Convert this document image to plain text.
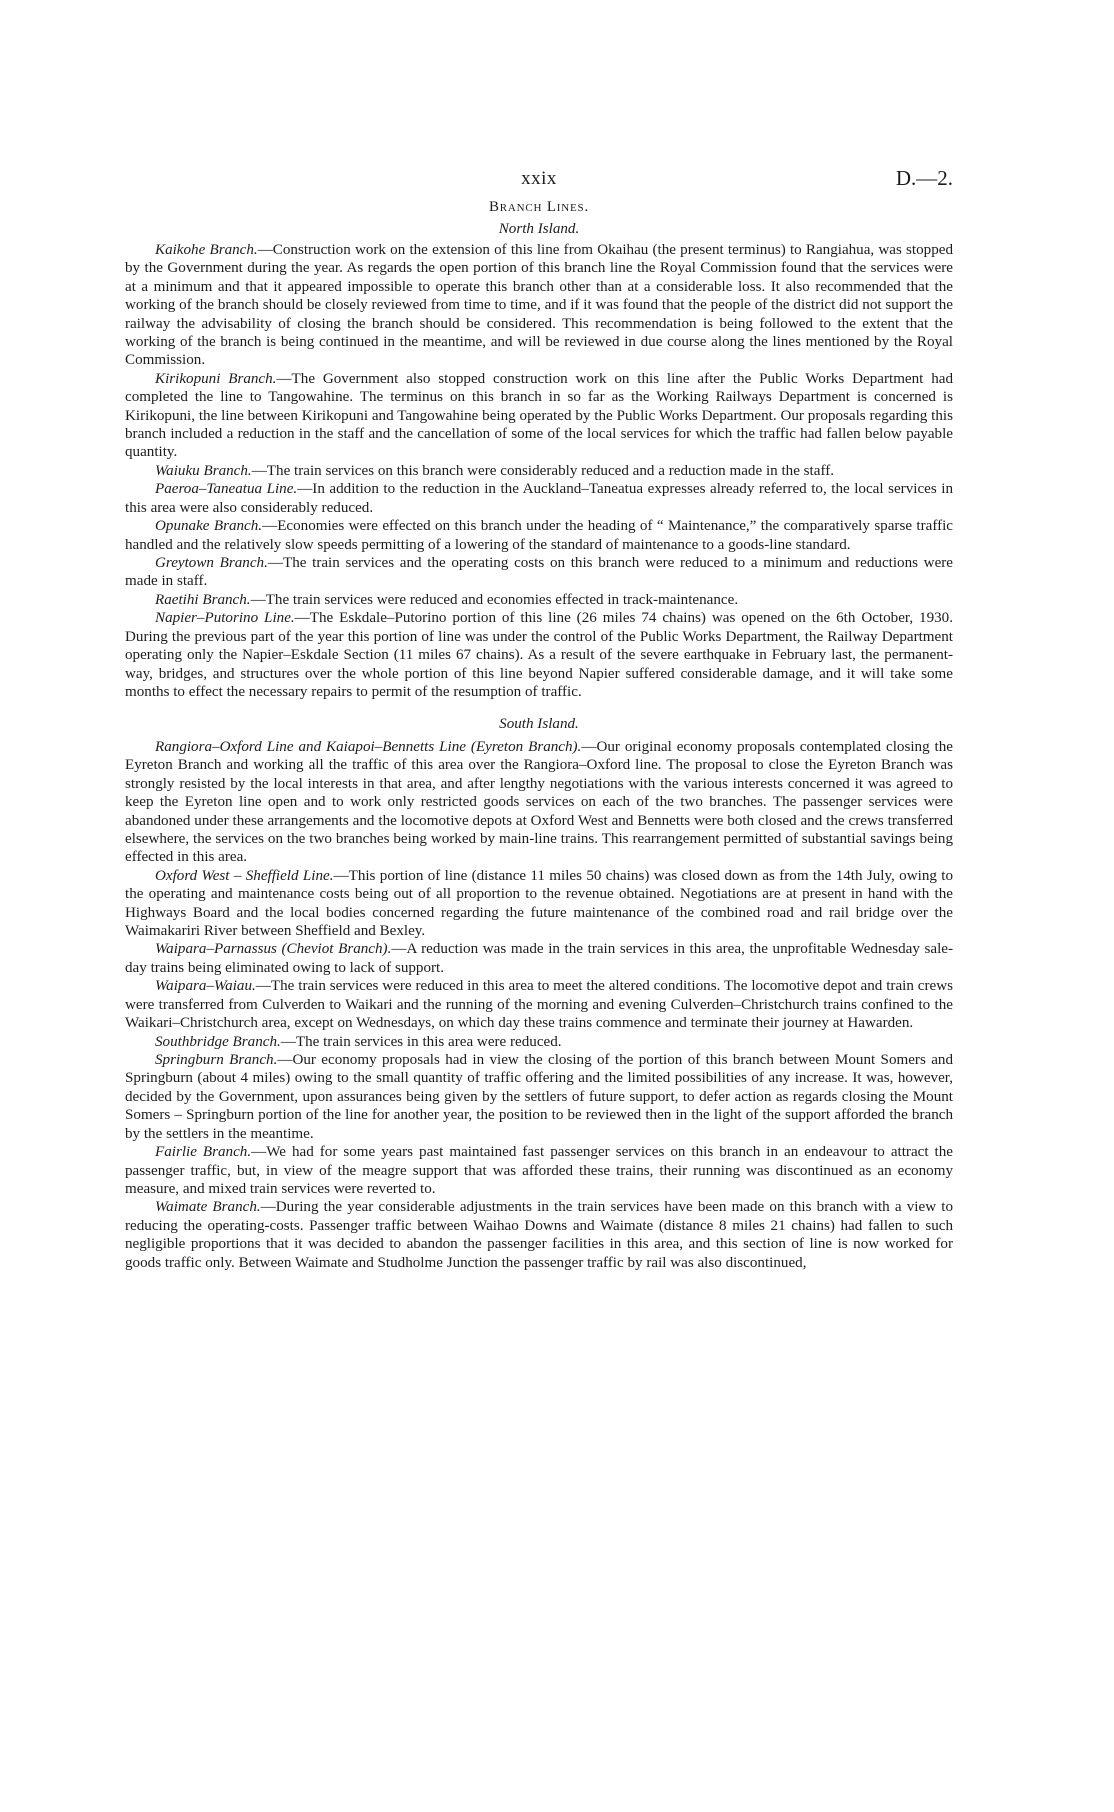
xxix	D.—2.
Branch Lines.
North Island.

Kaikohe Branch.—Construction work on the extension of this line from Okaihau (the present terminus) to Rangiahua, was stopped by the Government during the year. As regards the open portion of this branch line the Royal Commission found that the services were at a minimum and that it appeared impossible to operate this branch other than at a considerable loss. It also recommended that the working of the branch should be closely reviewed from time to time, and if it was found that the people of the district did not support the railway the advisability of closing the branch should be considered. This recommendation is being followed to the extent that the working of the branch is being continued in the meantime, and will be reviewed in due course along the lines mentioned by the Royal Commission.

Kirikopuni Branch.—The Government also stopped construction work on this line after the Public Works Department had completed the line to Tangowahine. The terminus on this branch in so far as the Working Railways Department is concerned is Kirikopuni, the line between Kirikopuni and Tangowahine being operated by the Public Works Department. Our proposals regarding this branch included a reduction in the staff and the cancellation of some of the local services for which the traffic had fallen below payable quantity.

Waiuku Branch.—The train services on this branch were considerably reduced and a reduction made in the staff.

Paeroa–Taneatua Line.—In addition to the reduction in the Auckland–Taneatua expresses already referred to, the local services in this area were also considerably reduced.

Opunake Branch.—Economies were effected on this branch under the heading of “ Maintenance,” the comparatively sparse traffic handled and the relatively slow speeds permitting of a lowering of the standard of maintenance to a goods-line standard.

Greytown Branch.—The train services and the operating costs on this branch were reduced to a minimum and reductions were made in staff.

Raetihi Branch.—The train services were reduced and economies effected in track-maintenance.

Napier–Putorino Line.—The Eskdale–Putorino portion of this line (26 miles 74 chains) was opened on the 6th October, 1930. During the previous part of the year this portion of line was under the control of the Public Works Department, the Railway Department operating only the Napier–Eskdale Section (11 miles 67 chains). As a result of the severe earthquake in February last, the permanent-way, bridges, and structures over the whole portion of this line beyond Napier suffered considerable damage, and it will take some months to effect the necessary repairs to permit of the resumption of traffic.

South Island.

Rangiora–Oxford Line and Kaiapoi–Bennetts Line (Eyreton Branch).—Our original economy proposals contemplated closing the Eyreton Branch and working all the traffic of this area over the Rangiora–Oxford line. The proposal to close the Eyreton Branch was strongly resisted by the local interests in that area, and after lengthy negotiations with the various interests concerned it was agreed to keep the Eyreton line open and to work only restricted goods services on each of the two branches. The passenger services were abandoned under these arrangements and the locomotive depots at Oxford West and Bennetts were both closed and the crews transferred elsewhere, the services on the two branches being worked by main-line trains. This rearrangement permitted of substantial savings being effected in this area.

Oxford West – Sheffield Line.—This portion of line (distance 11 miles 50 chains) was closed down as from the 14th July, owing to the operating and maintenance costs being out of all proportion to the revenue obtained. Negotiations are at present in hand with the Highways Board and the local bodies concerned regarding the future maintenance of the combined road and rail bridge over the Waimakariri River between Sheffield and Bexley.

Waipara–Parnassus (Cheviot Branch).—A reduction was made in the train services in this area, the unprofitable Wednesday sale-day trains being eliminated owing to lack of support.

Waipara–Waiau.—The train services were reduced in this area to meet the altered conditions. The locomotive depot and train crews were transferred from Culverden to Waikari and the running of the morning and evening Culverden–Christchurch trains confined to the Waikari–Christchurch area, except on Wednesdays, on which day these trains commence and terminate their journey at Hawarden.

Southbridge Branch.—The train services in this area were reduced.

Springburn Branch.—Our economy proposals had in view the closing of the portion of this branch between Mount Somers and Springburn (about 4 miles) owing to the small quantity of traffic offering and the limited possibilities of any increase. It was, however, decided by the Government, upon assurances being given by the settlers of future support, to defer action as regards closing the Mount Somers – Springburn portion of the line for another year, the position to be reviewed then in the light of the support afforded the branch by the settlers in the meantime.

Fairlie Branch.—We had for some years past maintained fast passenger services on this branch in an endeavour to attract the passenger traffic, but, in view of the meagre support that was afforded these trains, their running was discontinued as an economy measure, and mixed train services were reverted to.

Waimate Branch.—During the year considerable adjustments in the train services have been made on this branch with a view to reducing the operating-costs. Passenger traffic between Waihao Downs and Waimate (distance 8 miles 21 chains) had fallen to such negligible proportions that it was decided to abandon the passenger facilities in this area, and this section of line is now worked for goods traffic only. Between Waimate and Studholme Junction the passenger traffic by rail was also discontinued,
